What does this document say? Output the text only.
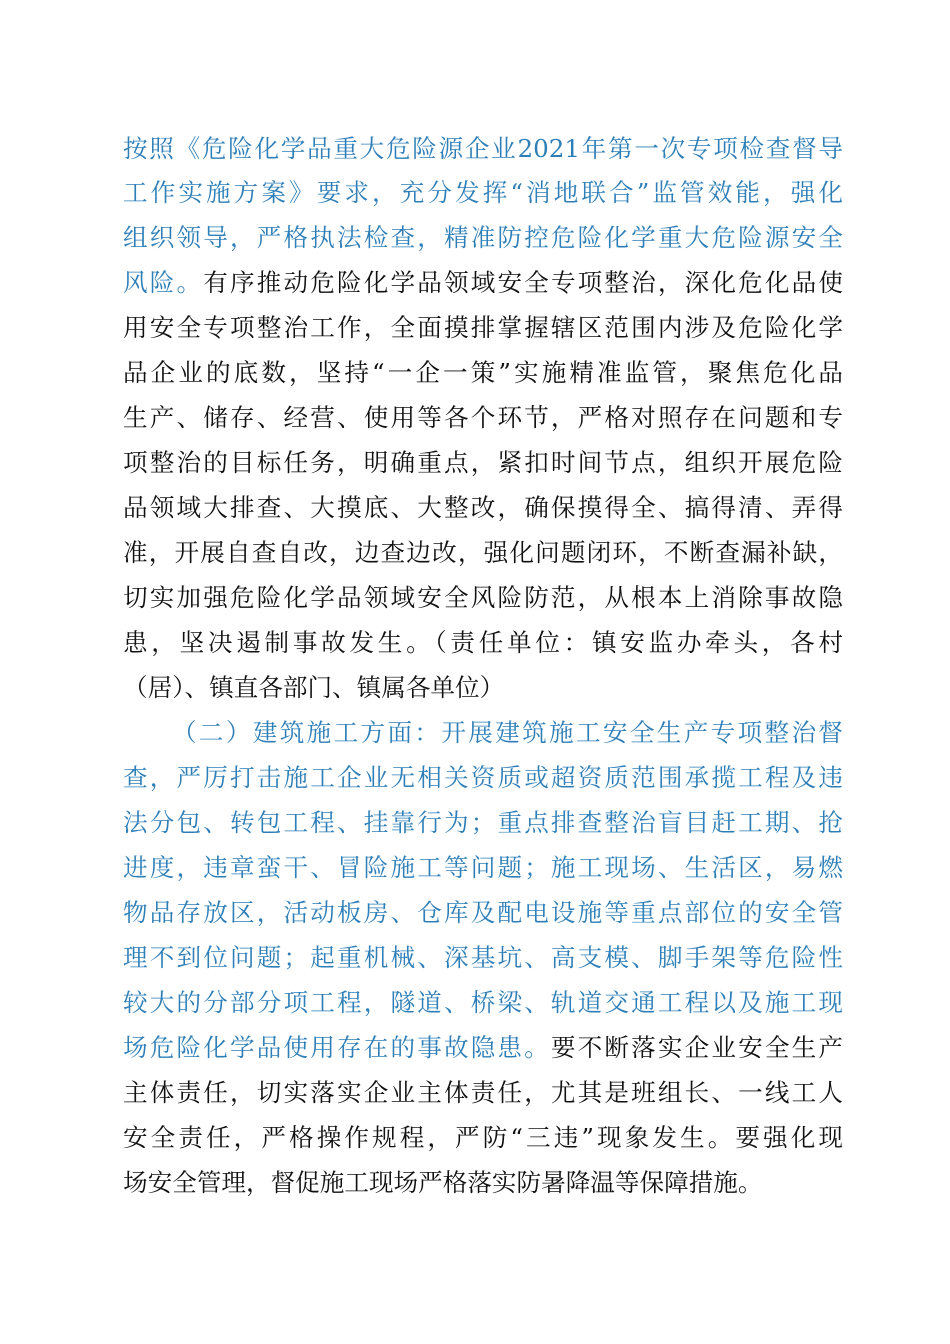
按照《危险化学品重大危险源企业2021年第一次专项检查督导
工作实施方案》要求，充分发挥“消地联合”监管效能，强化
组织领导，严格执法检查，精准防控危险化学重大危险源安全
风险。有序推动危险化学品领域安全专项整治，深化危化品使
用安全专项整治工作，全面摸排掌握辖区范围内涉及危险化学
品企业的底数，坚持“一企一策”实施精准监管，聚焦危化品
生产、储存、经营、使用等各个环节，严格对照存在问题和专
项整治的目标任务，明确重点，紧扣时间节点，组织开展危险
品领域大排查、大摸底、大整改，确保摸得全、搞得清、弄得
准，开展自查自改，边查边改，强化问题闭环，不断查漏补缺，
切实加强危险化学品领域安全风险防范，从根本上消除事故隐
患，坚决遏制事故发生。（责任单位：镇安监办牵头，各村
（居）、镇直各部门、镇属各单位）
（二）建筑施工方面：开展建筑施工安全生产专项整治督
查，严厉打击施工企业无相关资质或超资质范围承揽工程及违
法分包、转包工程、挂靠行为；重点排查整治盲目赶工期、抢
进度，违章蛮干、冒险施工等问题；施工现场、生活区，易燃
物品存放区，活动板房、仓库及配电设施等重点部位的安全管
理不到位问题；起重机械、深基坑、高支模、脚手架等危险性
较大的分部分项工程，隧道、桥梁、轨道交通工程以及施工现
场危险化学品使用存在的事故隐患。要不断落实企业安全生产
主体责任，切实落实企业主体责任，尤其是班组长、一线工人
安全责任，严格操作规程，严防“三违”现象发生。要强化现
场安全管理，督促施工现场严格落实防暑降温等保障措施。
